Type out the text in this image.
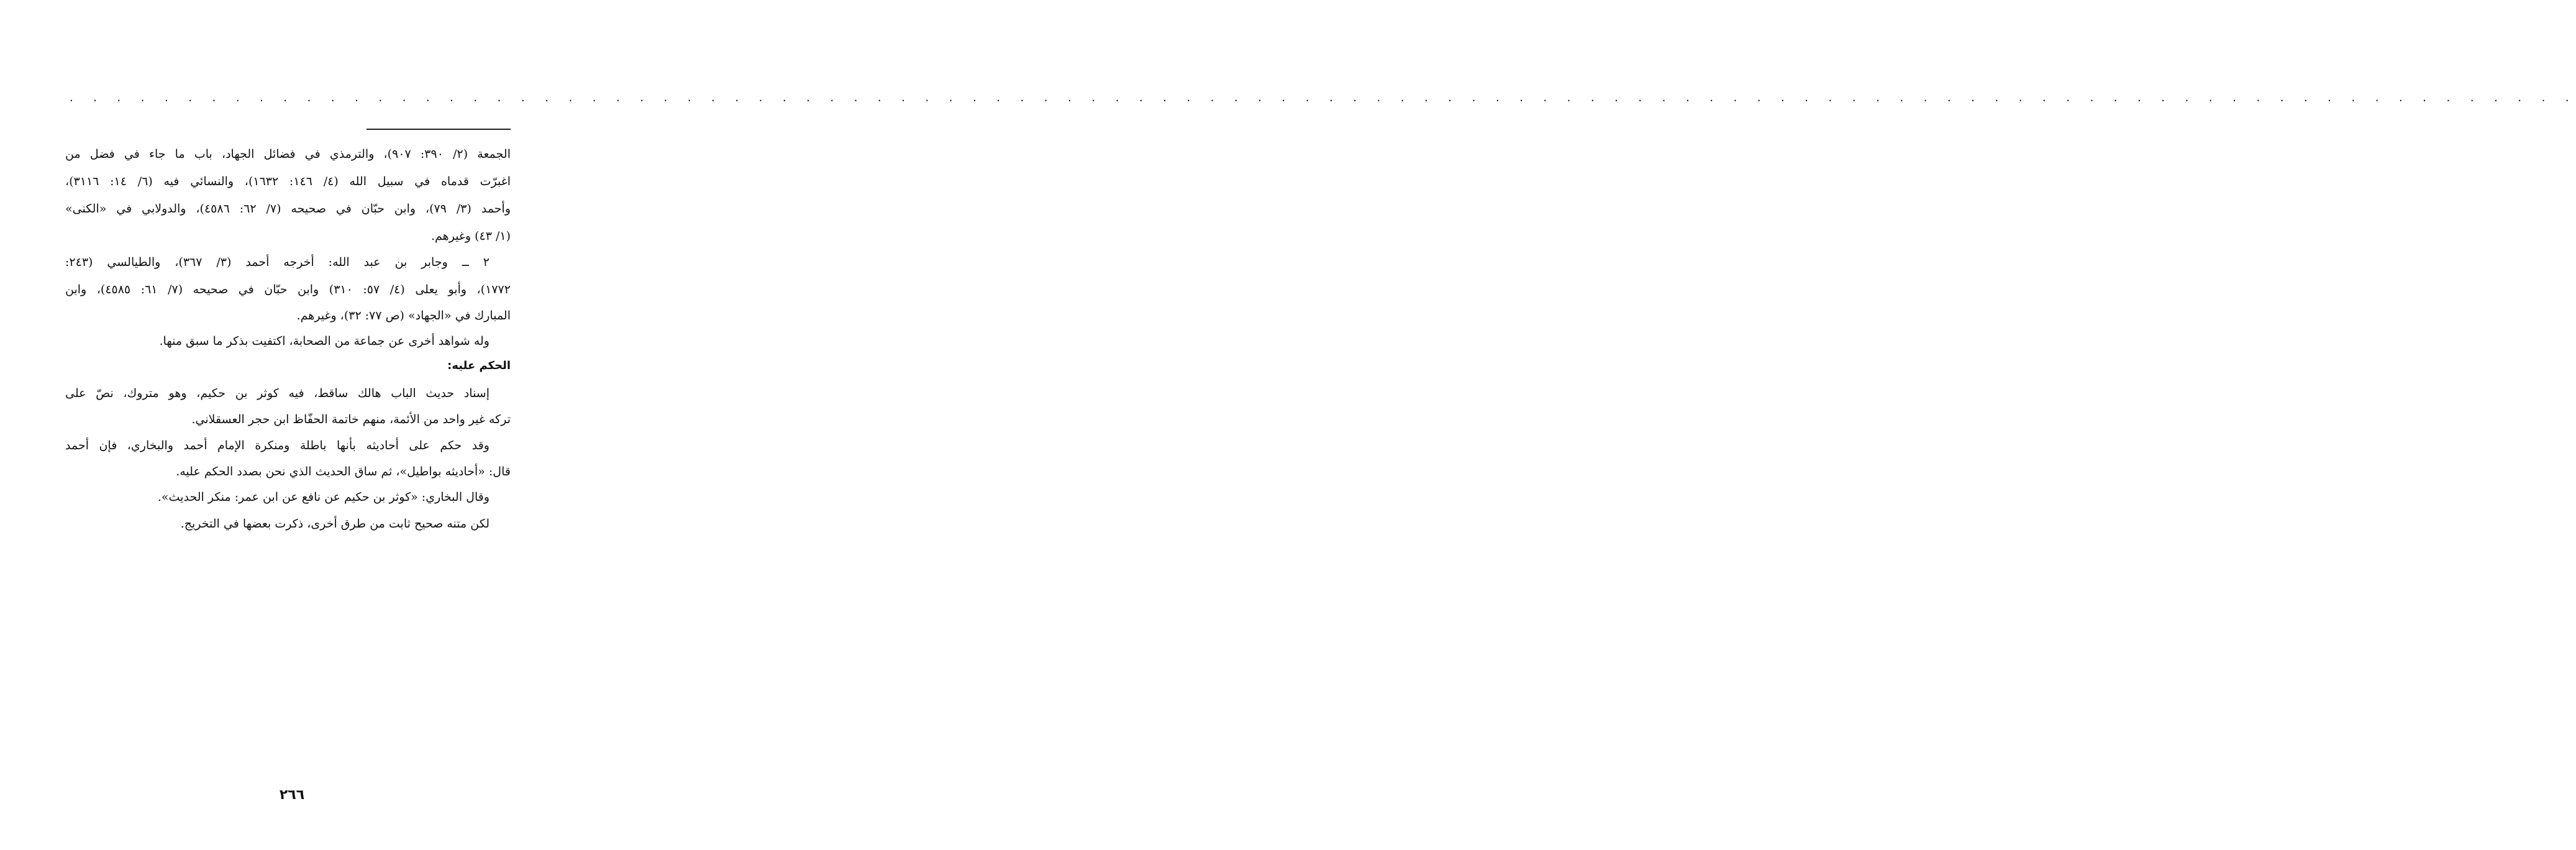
. . . . . . . . . . . . . . . . . . . . . . . . . . . . . . . . . . . . . . . . . . . . . . . . . . . . . . . . . . . . . . . . . . . . . . . . . . . . . . . . . . . . . . . . . . . . . . . . . . . . . . . . . .
الجمعة (٢/ ٣٩٠: ٩٠٧)، والترمذي في فضائل الجهاد، باب ما جاء في فضل من
اغبرّت قدماه في سبيل الله (٤/ ١٤٦: ١٦٣٢)، والنسائي فيه (٦/ ١٤: ٣١١٦)،
وأحمد (٣/ ٧٩)، وابن حبّان في صحيحه (٧/ ٦٢: ٤٥٨٦)، والدولابي في «الكنى»
(١/ ٤٣) وغيرهم.
٢ ــ وجابر بن عبد الله: أخرجه أحمد (٣/ ٣٦٧)، والطيالسي (٢٤٣:
١٧٧٢)، وأبو يعلى (٤/ ٥٧: ٣١٠) وابن حبّان في صحيحه (٧/ ٦١: ٤٥٨٥)، وابن
المبارك في «الجهاد» (ص ٧٧: ٣٢)، وغيرهم.
وله شواهد أخرى عن جماعة من الصحابة، اكتفيت بذكر ما سبق منها.
الحكم عليه:
إسناد حديث الباب هالك ساقط، فيه كوثر بن حكيم، وهو متروك، نصّ على
تركه غير واحد من الأئمة، منهم خاتمة الحفّاظ ابن حجر العسقلاني.
وقد حكم على أحاديثه بأنها باطلة ومنكرة الإمام أحمد والبخاري، فإن أحمد
قال: «أحاديثه بواطيل»، ثم ساق الحديث الذي نحن بصدد الحكم عليه.
وقال البخاري: «كوثر بن حكيم عن نافع عن ابن عمر: منكر الحديث».
لكن متنه صحيح ثابت من طرق أخرى، ذكرت بعضها في التخريج.
٢٦٦
